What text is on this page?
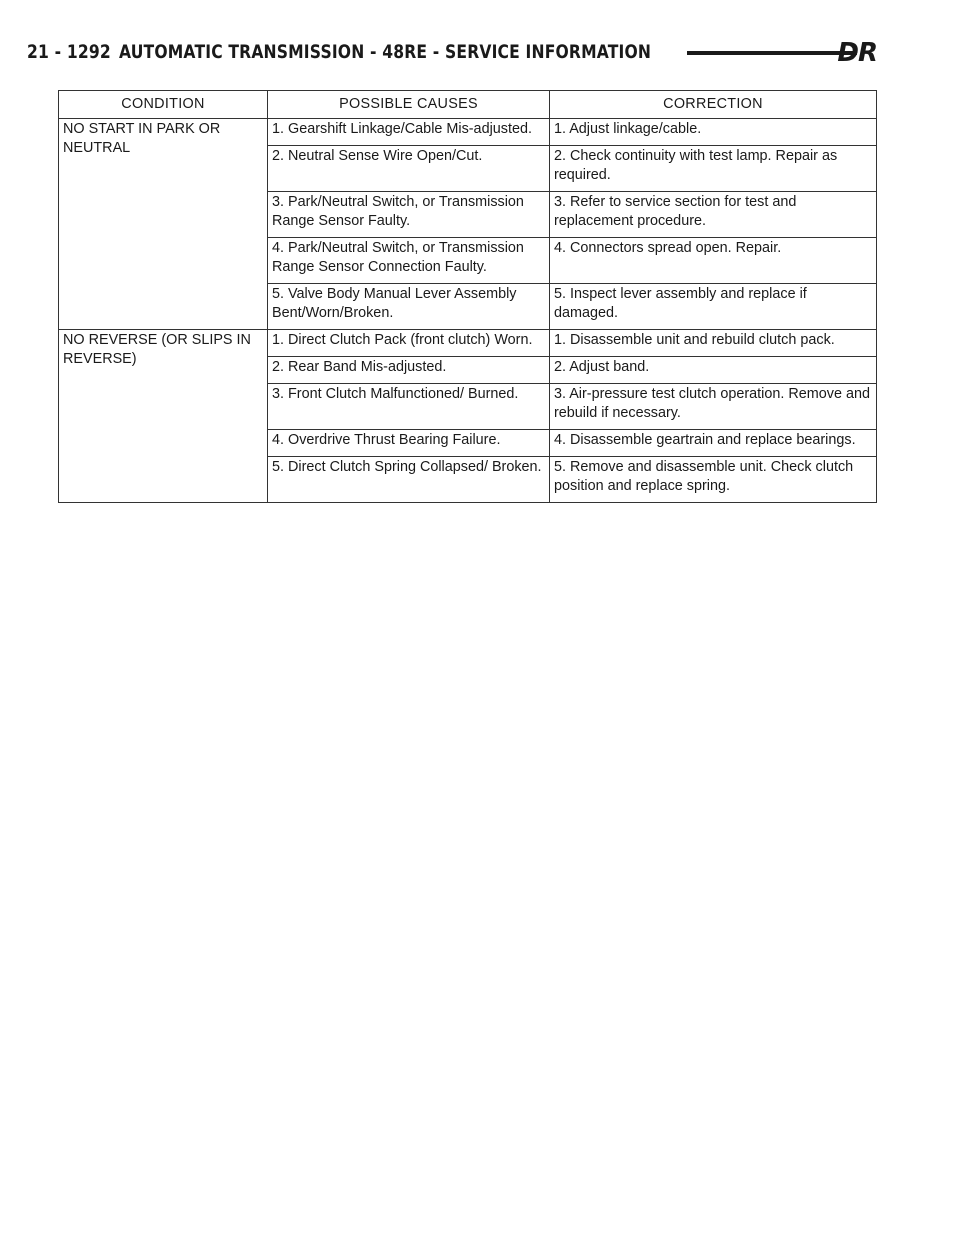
21 - 1292 AUTOMATIC TRANSMISSION - 48RE - SERVICE INFORMATION	DR
CONDITION	POSSIBLE CAUSES	CORRECTION
NO START IN PARK OR NEUTRAL	1. Gearshift Linkage/Cable Mis-adjusted.	1. Adjust linkage/cable.
	2. Neutral Sense Wire Open/Cut.	2. Check continuity with test lamp. Repair as required.
	3. Park/Neutral Switch, or Transmission Range Sensor Faulty.	3. Refer to service section for test and replacement procedure.
	4. Park/Neutral Switch, or Transmission Range Sensor Connection Faulty.	4. Connectors spread open. Repair.
	5. Valve Body Manual Lever Assembly Bent/Worn/Broken.	5. Inspect lever assembly and replace if damaged.
NO REVERSE (OR SLIPS IN REVERSE)	1. Direct Clutch Pack (front clutch) Worn.	1. Disassemble unit and rebuild clutch pack.
	2. Rear Band Mis-adjusted.	2. Adjust band.
	3. Front Clutch Malfunctioned/ Burned.	3. Air-pressure test clutch operation. Remove and rebuild if necessary.
	4. Overdrive Thrust Bearing Failure.	4. Disassemble geartrain and replace bearings.
	5. Direct Clutch Spring Collapsed/ Broken.	5. Remove and disassemble unit. Check clutch position and replace spring.
